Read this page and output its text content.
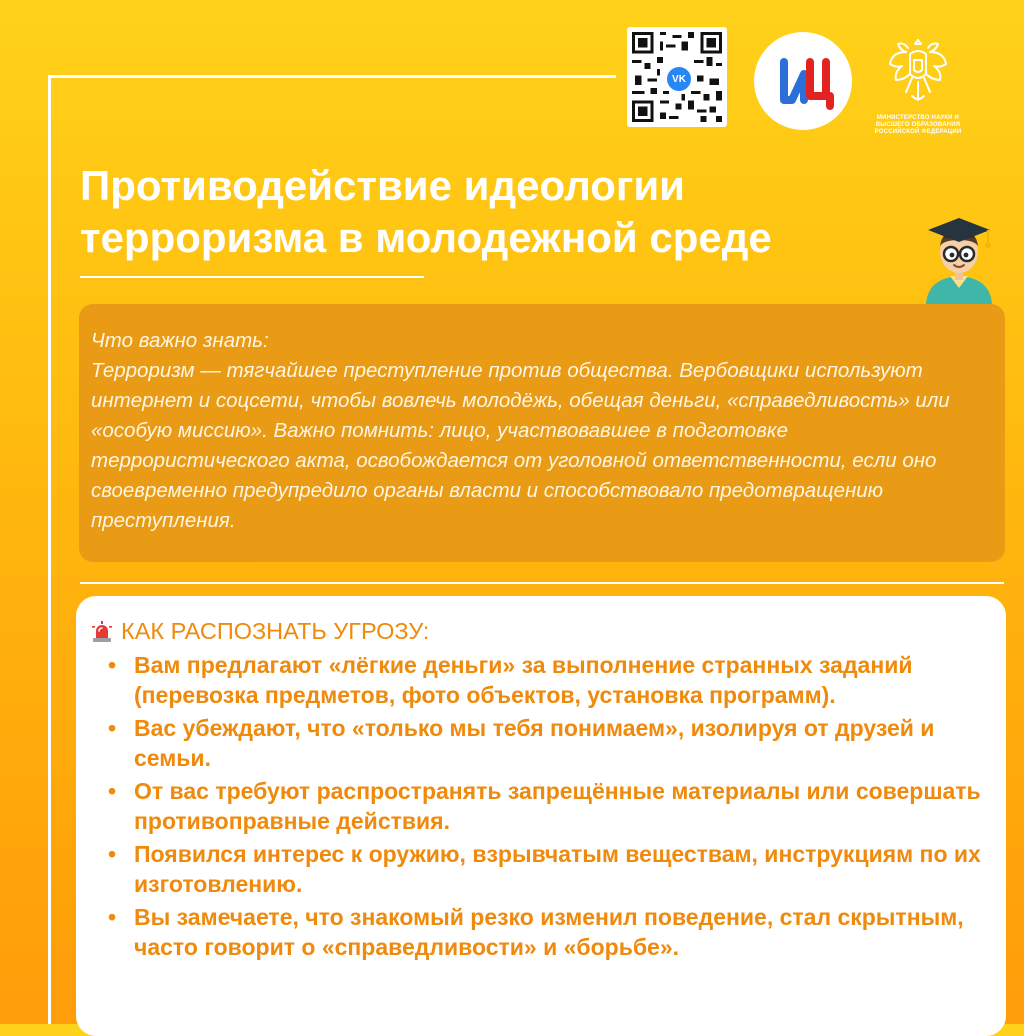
VK
МИНИСТЕРСТВО НАУКИ И ВЫСШЕГО ОБРАЗОВАНИЯ РОССИЙСКОЙ ФЕДЕРАЦИИ
Противодействие идеологии
терроризма в молодежной среде
Что важно знать:
Терроризм — тягчайшее преступление против общества. Вербовщики используют интернет и соцсети, чтобы вовлечь молодёжь, обещая деньги, «справедливость» или «особую миссию». Важно помнить: лицо, участвовавшее в подготовке террористического акта, освобождается от уголовной ответственности, если оно своевременно предупредило органы власти и способствовало предотвращению преступления.
КАК РАСПОЗНАТЬ УГРОЗУ:
• Вам предлагают «лёгкие деньги» за выполнение странных заданий (перевозка предметов, фото объектов, установка программ).
• Вас убеждают, что «только мы тебя понимаем», изолируя от друзей и семьи.
• От вас требуют распространять запрещённые материалы или совершать противоправные действия.
• Появился интерес к оружию, взрывчатым веществам, инструкциям по их изготовлению.
• Вы замечаете, что знакомый резко изменил поведение, стал скрытным, часто говорит о «справедливости» и «борьбе».
